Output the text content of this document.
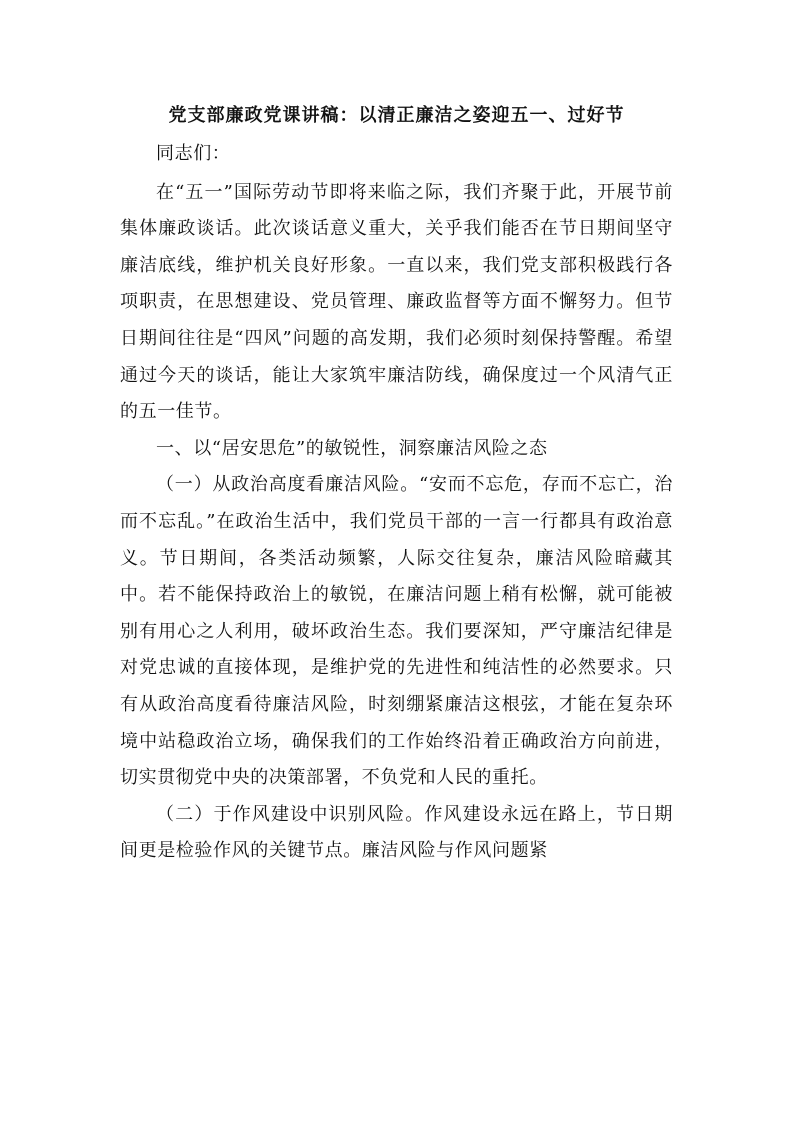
党支部廉政党课讲稿：以清正廉洁之姿迎五一、过好节

同志们：

在“五一”国际劳动节即将来临之际，我们齐聚于此，开展节前集体廉政谈话。此次谈话意义重大，关乎我们能否在节日期间坚守廉洁底线，维护机关良好形象。一直以来，我们党支部积极践行各项职责，在思想建设、党员管理、廉政监督等方面不懈努力。但节日期间往往是“四风”问题的高发期，我们必须时刻保持警醒。希望通过今天的谈话，能让大家筑牢廉洁防线，确保度过一个风清气正的五一佳节。

一、以“居安思危”的敏锐性，洞察廉洁风险之态

（一）从政治高度看廉洁风险。“安而不忘危，存而不忘亡，治而不忘乱。”在政治生活中，我们党员干部的一言一行都具有政治意义。节日期间，各类活动频繁，人际交往复杂，廉洁风险暗藏其中。若不能保持政治上的敏锐，在廉洁问题上稍有松懈，就可能被别有用心之人利用，破坏政治生态。我们要深知，严守廉洁纪律是对党忠诚的直接体现，是维护党的先进性和纯洁性的必然要求。只有从政治高度看待廉洁风险，时刻绷紧廉洁这根弦，才能在复杂环境中站稳政治立场，确保我们的工作始终沿着正确政治方向前进，切实贯彻党中央的决策部署，不负党和人民的重托。

（二）于作风建设中识别风险。作风建设永远在路上，节日期间更是检验作风的关键节点。廉洁风险与作风问题紧
